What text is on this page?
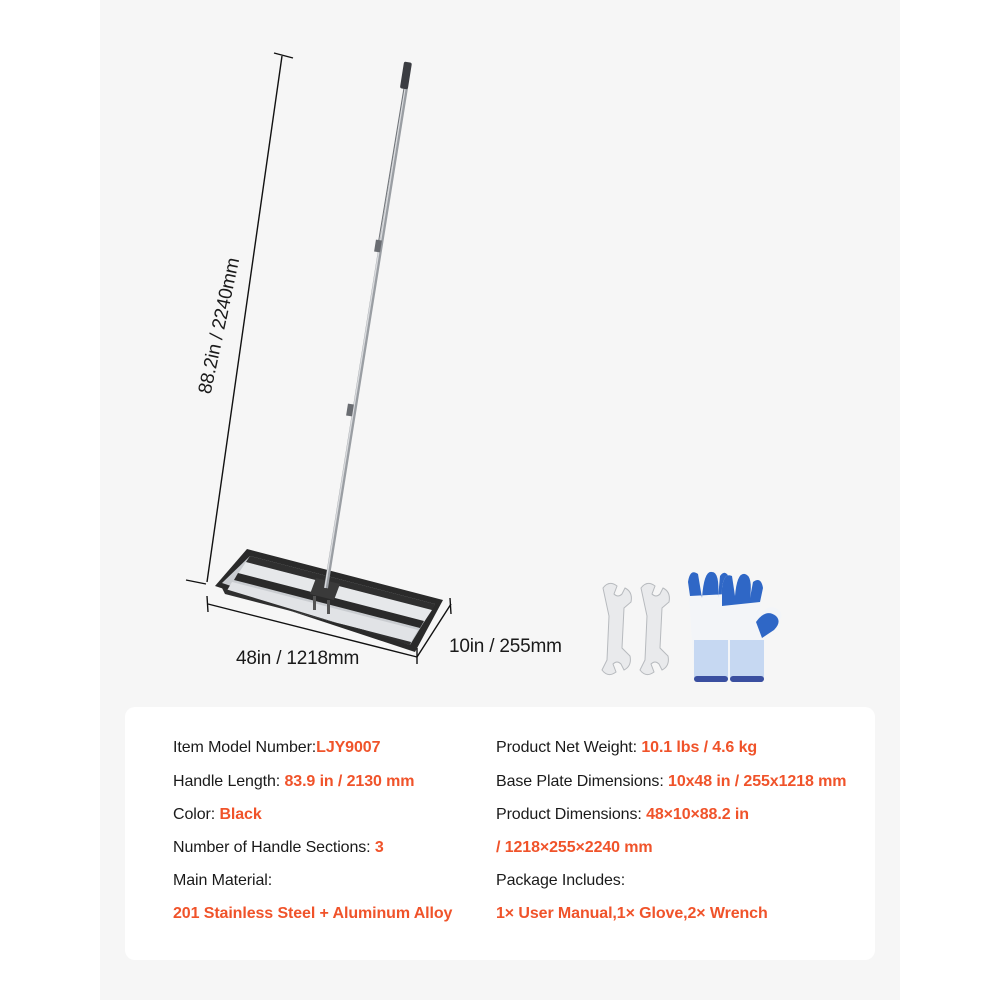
88.2in / 2240mm
48in / 1218mm
10in / 255mm
Item Model Number:LJY9007
Handle Length: 83.9 in / 2130 mm
Color: Black
Number of Handle Sections: 3
Main Material:
201 Stainless Steel + Aluminum Alloy
Product Net Weight: 10.1 lbs / 4.6 kg
Base Plate Dimensions: 10x48 in / 255x1218 mm
Product Dimensions: 48×10×88.2 in
/ 1218×255×2240 mm
Package Includes:
1× User Manual,1× Glove,2× Wrench
